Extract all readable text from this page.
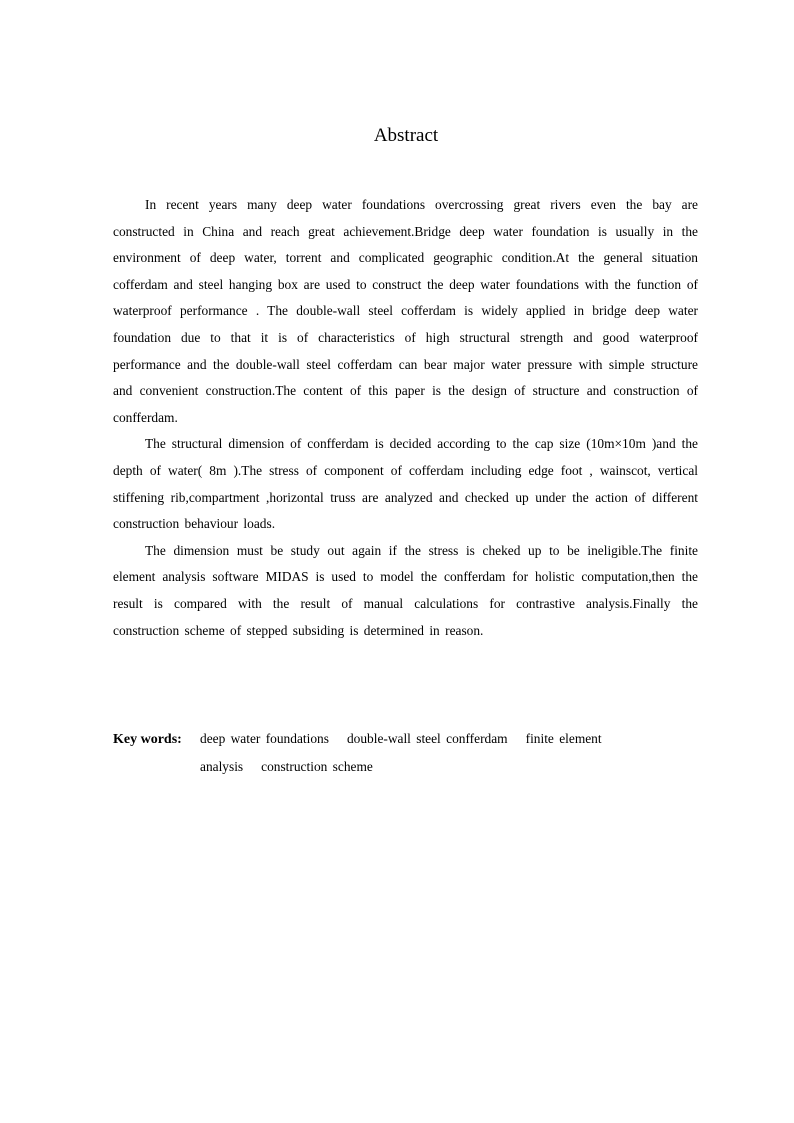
Abstract

In recent years many deep water foundations overcrossing great rivers even the bay are constructed in China and reach great achievement.Bridge deep water foundation is usually in the environment of deep water, torrent and complicated geographic condition.At the general situation cofferdam and steel hanging box are used to construct the deep water foundations with the function of waterproof performance . The double-wall steel cofferdam is widely applied in bridge deep water foundation due to that it is of characteristics of high structural strength and good waterproof performance and the double-wall steel cofferdam can bear major water pressure with simple structure and convenient construction.The content of this paper is the design of structure and construction of confferdam.

The structural dimension of confferdam is decided according to the cap size (10m×10m )and the depth of water( 8m ).The stress of component of cofferdam including edge foot , wainscot, vertical stiffening rib,compartment ,horizontal truss are analyzed and checked up under the action of different construction behaviour loads.

The dimension must be study out again if the stress is cheked up to be ineligible.The finite element analysis software MIDAS is used to model the confferdam for holistic computation,then the result is compared with the result of manual calculations for contrastive analysis.Finally the construction scheme of stepped subsiding is determined in reason.

Key words: deep water foundations double-wall steel confferdam finite element
analysis construction scheme
